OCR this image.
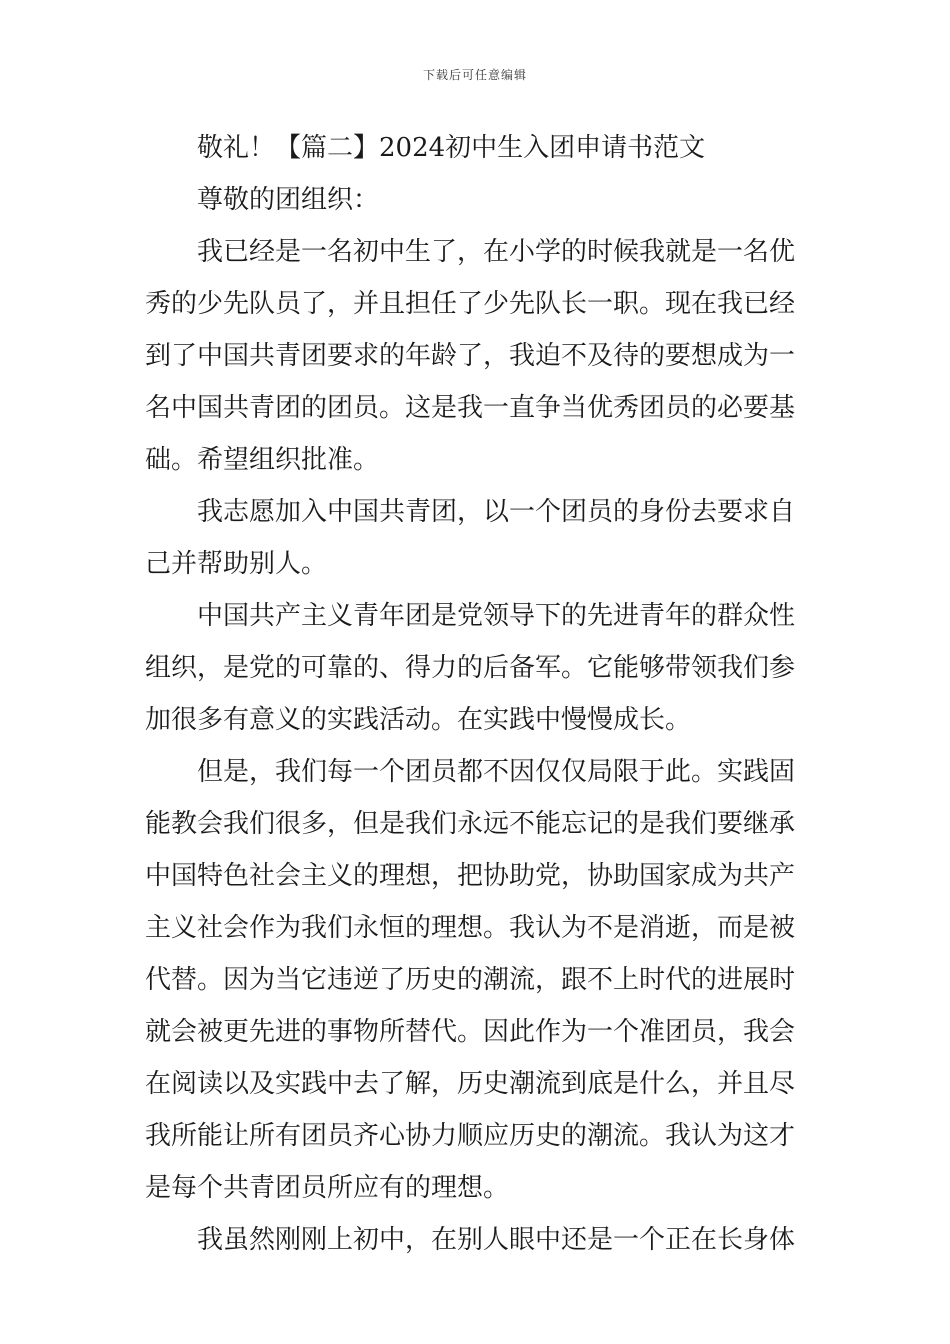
下载后可任意编辑
敬礼！【篇二】2024初中生入团申请书范文
尊敬的团组织：
我已经是一名初中生了，在小学的时候我就是一名优
秀的少先队员了，并且担任了少先队长一职。现在我已经
到了中国共青团要求的年龄了，我迫不及待的要想成为一
名中国共青团的团员。这是我一直争当优秀团员的必要基
础。希望组织批准。
我志愿加入中国共青团，以一个团员的身份去要求自
己并帮助别人。
中国共产主义青年团是党领导下的先进青年的群众性
组织，是党的可靠的、得力的后备军。它能够带领我们参
加很多有意义的实践活动。在实践中慢慢成长。
但是，我们每一个团员都不因仅仅局限于此。实践固
能教会我们很多，但是我们永远不能忘记的是我们要继承
中国特色社会主义的理想，把协助党，协助国家成为共产
主义社会作为我们永恒的理想。我认为不是消逝，而是被
代替。因为当它违逆了历史的潮流，跟不上时代的进展时
就会被更先进的事物所替代。因此作为一个准团员，我会
在阅读以及实践中去了解，历史潮流到底是什么，并且尽
我所能让所有团员齐心协力顺应历史的潮流。我认为这才
是每个共青团员所应有的理想。
我虽然刚刚上初中，在别人眼中还是一个正在长身体
